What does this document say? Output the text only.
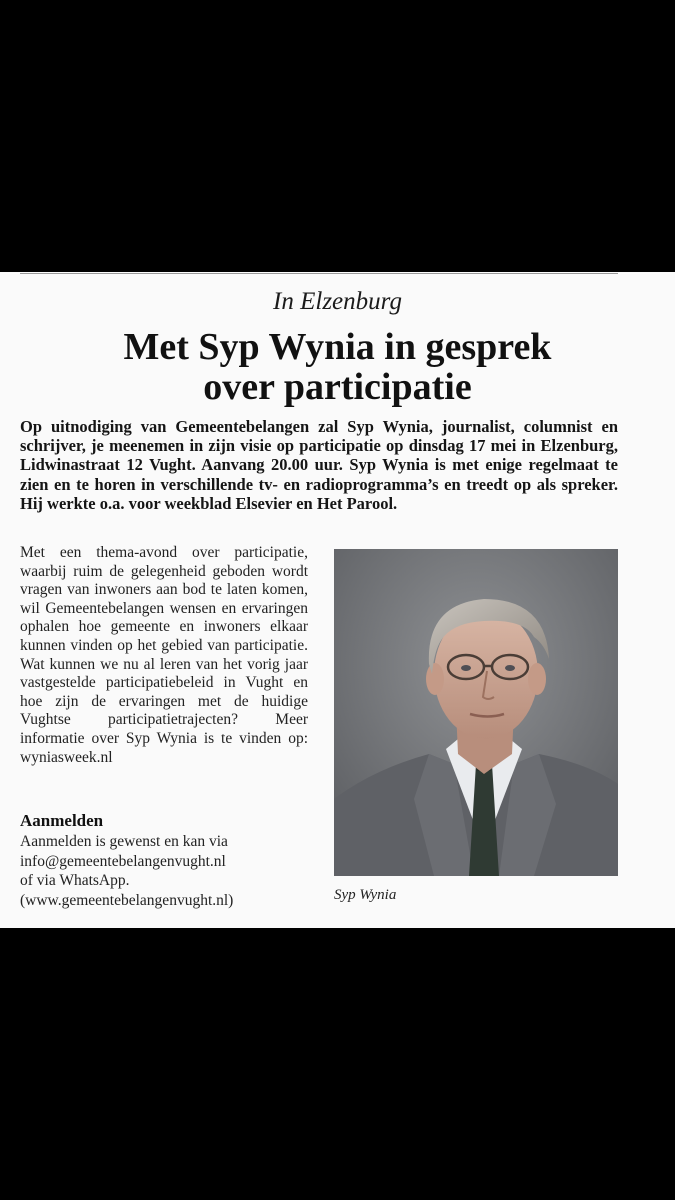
In Elzenburg
Met Syp Wynia in gesprek
over participatie

Op uitnodiging van Gemeentebelangen zal Syp Wynia, journalist, columnist en schrijver, je meenemen in zijn visie op participatie op dinsdag 17 mei in Elzenburg, Lidwinastraat 12 Vught. Aanvang 20.00 uur. Syp Wynia is met enige regelmaat te zien en te horen in verschillende tv- en radioprogramma’s en treedt op als spreker. Hij werkte o.a. voor weekblad Elsevier en Het Parool.

Met een thema-avond over participatie, waarbij ruim de gelegenheid geboden wordt vragen van inwoners aan bod te laten komen, wil Gemeentebelangen wensen en ervaringen ophalen hoe gemeente en inwoners elkaar kunnen vinden op het gebied van participatie. Wat kunnen we nu al leren van het vorig jaar vastgestelde participatiebeleid in Vught en hoe zijn de ervaringen met de huidige Vughtse participatietrajecten? Meer informatie over Syp Wynia is te vinden op: wyniasweek.nl

Aanmelden
Aanmelden is gewenst en kan via
info@gemeentebelangenvught.nl
of via WhatsApp.
(www.gemeentebelangenvught.nl)	Syp Wynia
